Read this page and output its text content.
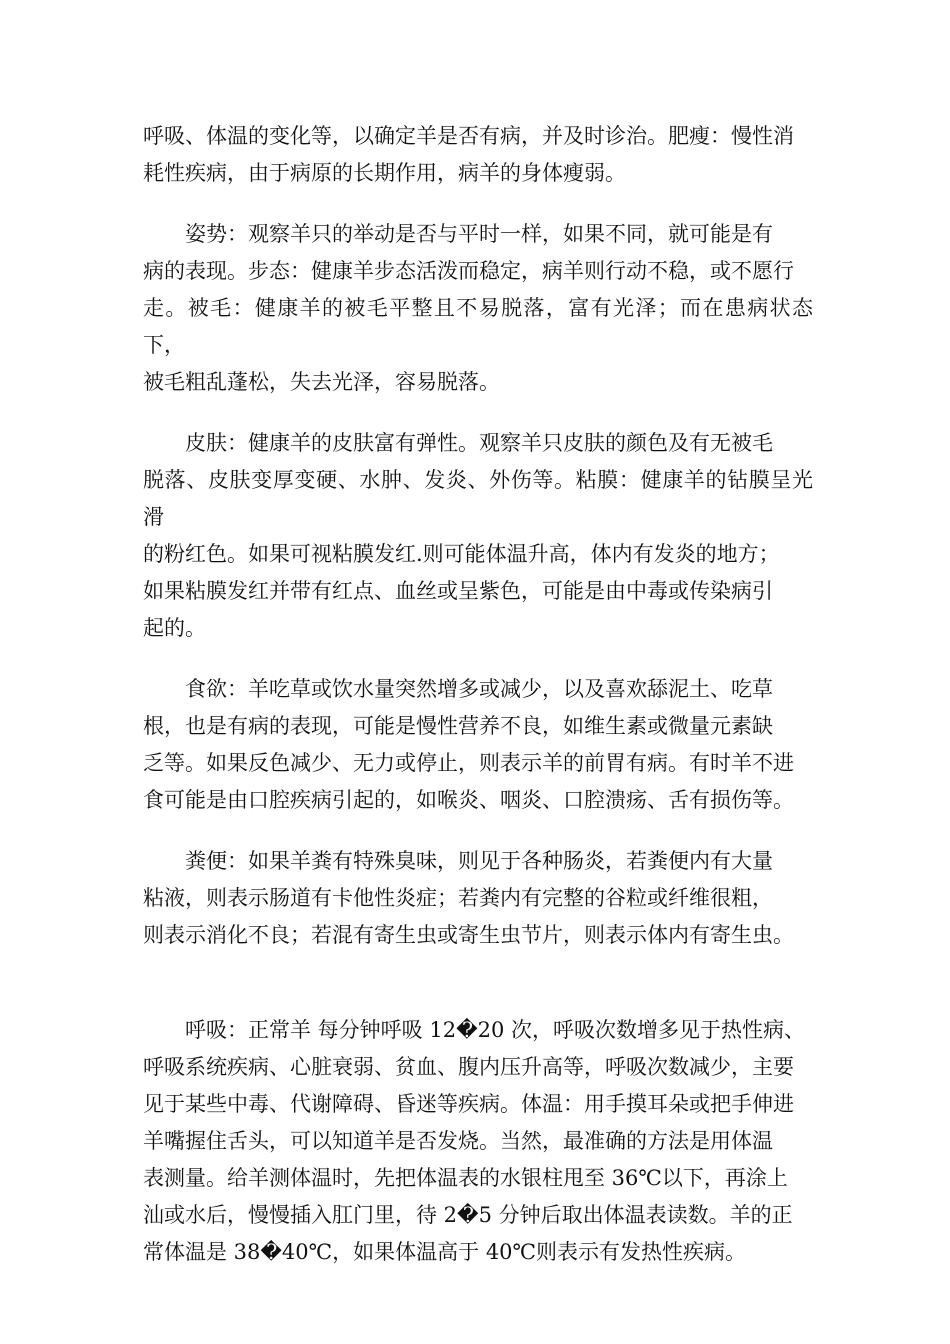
呼吸、体温的变化等，以确定羊是否有病，并及时诊治。肥瘦：慢性消
耗性疾病，由于病原的长期作用，病羊的身体瘦弱。

姿势：观察羊只的举动是否与平时一样，如果不同，就可能是有
病的表现。步态：健康羊步态活泼而稳定，病羊则行动不稳，或不愿行
走。被毛：健康羊的被毛平整且不易脱落，富有光泽；而在患病状态下，
被毛粗乱蓬松，失去光泽，容易脱落。

皮肤：健康羊的皮肤富有弹性。观察羊只皮肤的颜色及有无被毛
脱落、皮肤变厚变硬、水肿、发炎、外伤等。粘膜：健康羊的钻膜呈光滑
的粉红色。如果可视粘膜发红.则可能体温升高，体内有发炎的地方；
如果粘膜发红并带有红点、血丝或呈紫色，可能是由中毒或传染病引
起的。

食欲：羊吃草或饮水量突然增多或减少，以及喜欢舔泥土、吃草
根，也是有病的表现，可能是慢性营养不良，如维生素或微量元素缺
乏等。如果反色减少、无力或停止，则表示羊的前胃有病。有时羊不进
食可能是由口腔疾病引起的，如喉炎、咽炎、口腔溃疡、舌有损伤等。

粪便：如果羊粪有特殊臭味，则见于各种肠炎，若粪便内有大量
粘液，则表示肠道有卡他性炎症；若粪内有完整的谷粒或纤维很粗，
则表示消化不良；若混有寄生虫或寄生虫节片，则表示体内有寄生虫。

呼吸：正常羊 每分钟呼吸 12�20 次，呼吸次数增多见于热性病、
呼吸系统疾病、心脏衰弱、贫血、腹内压升高等，呼吸次数减少，主要
见于某些中毒、代谢障碍、昏迷等疾病。体温：用手摸耳朵或把手伸进
羊嘴握住舌头，可以知道羊是否发烧。当然，最准确的方法是用体温
表测量。给羊测体温时，先把体温表的水银柱甩至 36℃以下，再涂上
汕或水后，慢慢插入肛门里，待 2�5 分钟后取出体温表读数。羊的正
常体温是 38�40℃，如果体温高于 40℃则表示有发热性疾病。
